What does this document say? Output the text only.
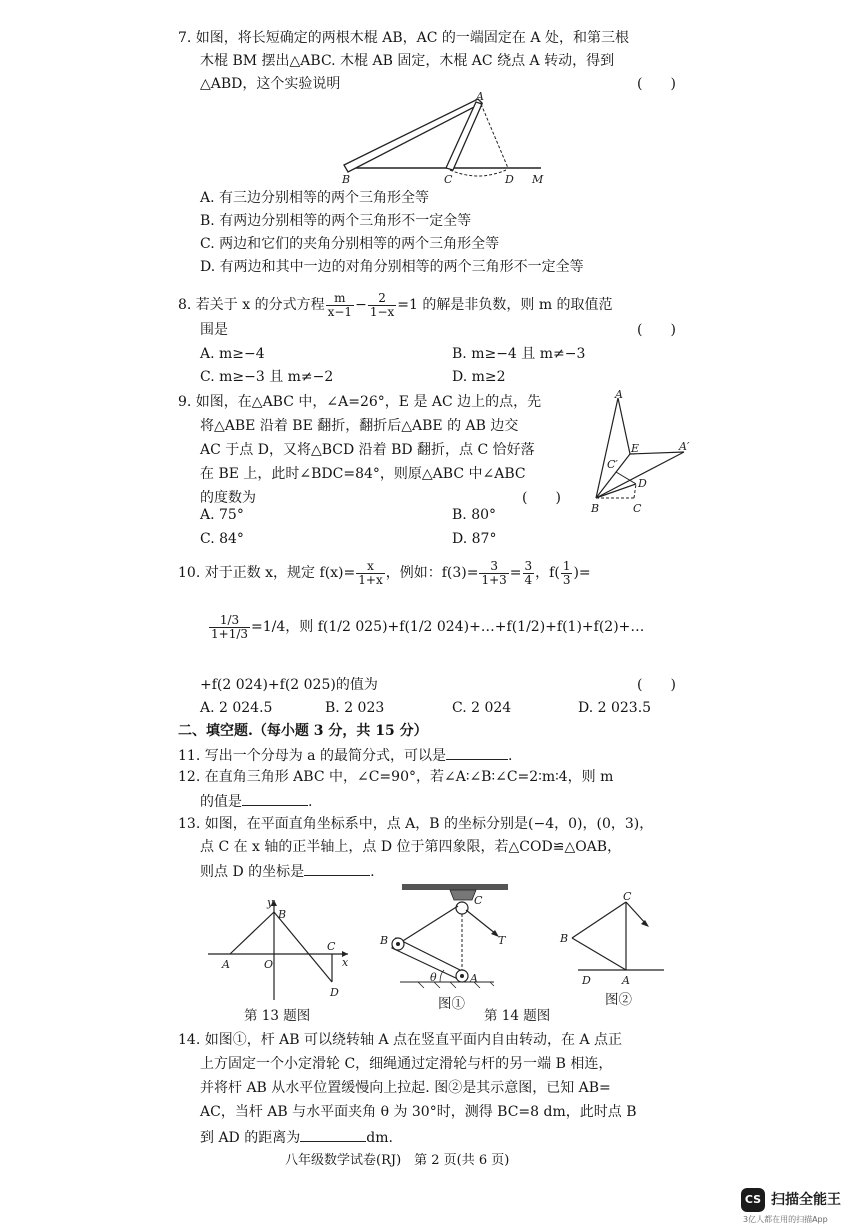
7. 如图，将长短确定的两根木棍 AB，AC 的一端固定在 A 处，和第三根
木棍 BM 摆出△ABC. 木棍 AB 固定，木棍 AC 绕点 A 转动，得到
△ABD，这个实验说明	(　　)
A
B	C	D M
A. 有三边分别相等的两个三角形全等
B. 有两边分别相等的两个三角形不一定全等
C. 两边和它们的夹角分别相等的两个三角形全等
D. 有两边和其中一边的对角分别相等的两个三角形不一定全等
8. 若关于 x 的分式方程 $\frac{m}{x-1} - \frac{2}{1-x} =1$ 的解是非负数，则 m 的取值范
围是	(　　)
A. m≥−4	B. m≥−4 且 m≠−3
C. m≥−3 且 m≠−2	D. m≥2
9. 如图，在△ABC 中，∠A=26°，E 是 AC 边上的点，先
将△ABE 沿着 BE 翻折，翻折后△ABE 的 AB 边交
AC 于点 D，又将△BCD 沿着 BD 翻折，点 C 恰好落
在 BE 上，此时∠BDC=84°，则原△ABC 中∠ABC
的度数为	(　　)
A
A′
E
C′
D
B	C
A. 75°	B. 80°
C. 84°	D. 87°
10. 对于正数 x，规定 $f(x)= \frac{x}{1+x}$ ，例如：$f(3)= \frac{3}{1+3} = \frac{3}{4}$ ，$f( \frac{1}{3}$ )=
$\frac{1/3}{1+1/3} =1/4$，则 f(1/2 025)+f(1/2 024)+…+f(1/2)+f(1)+f(2)+…
+f(2 024)+f(2 025)的值为	(　　)
A. 2 024.5	B. 2 023	C. 2 024	D. 2 023.5
二、填空题.（每小题 3 分，共 15 分）
11. 写出一个分母为 a 的最简分式，可以是	.
12. 在直角三角形 ABC 中，∠C=90°，若∠A∶∠B∶∠C=2∶m∶4，则 m
的值是	.
13. 如图，在平面直角坐标系中，点 A，B 的坐标分别是(−4，0)，(0，3)，
点 C 在 x 轴的正半轴上，点 D 位于第四象限，若△COD≌△OAB，
则点 D 的坐标是	.
y
B
A	O
C
x
D
第 13 题图
C
T
B
θ	A
图①
第 14 题图
C
B
D	A
图②
14. 如图①，杆 AB 可以绕转轴 A 点在竖直平面内自由转动，在 A 点正
上方固定一个小定滑轮 C，细绳通过定滑轮与杆的另一端 B 相连，
并将杆 AB 从水平位置缓慢向上拉起. 图②是其示意图，已知 AB=
AC，当杆 AB 与水平面夹角 θ 为 30°时，测得 BC=8 dm，此时点 B
到 AD 的距离为	dm.
八年级数学试卷(RJ)　第 2 页(共 6 页)
CS 扫描全能王
3亿人都在用的扫描App
